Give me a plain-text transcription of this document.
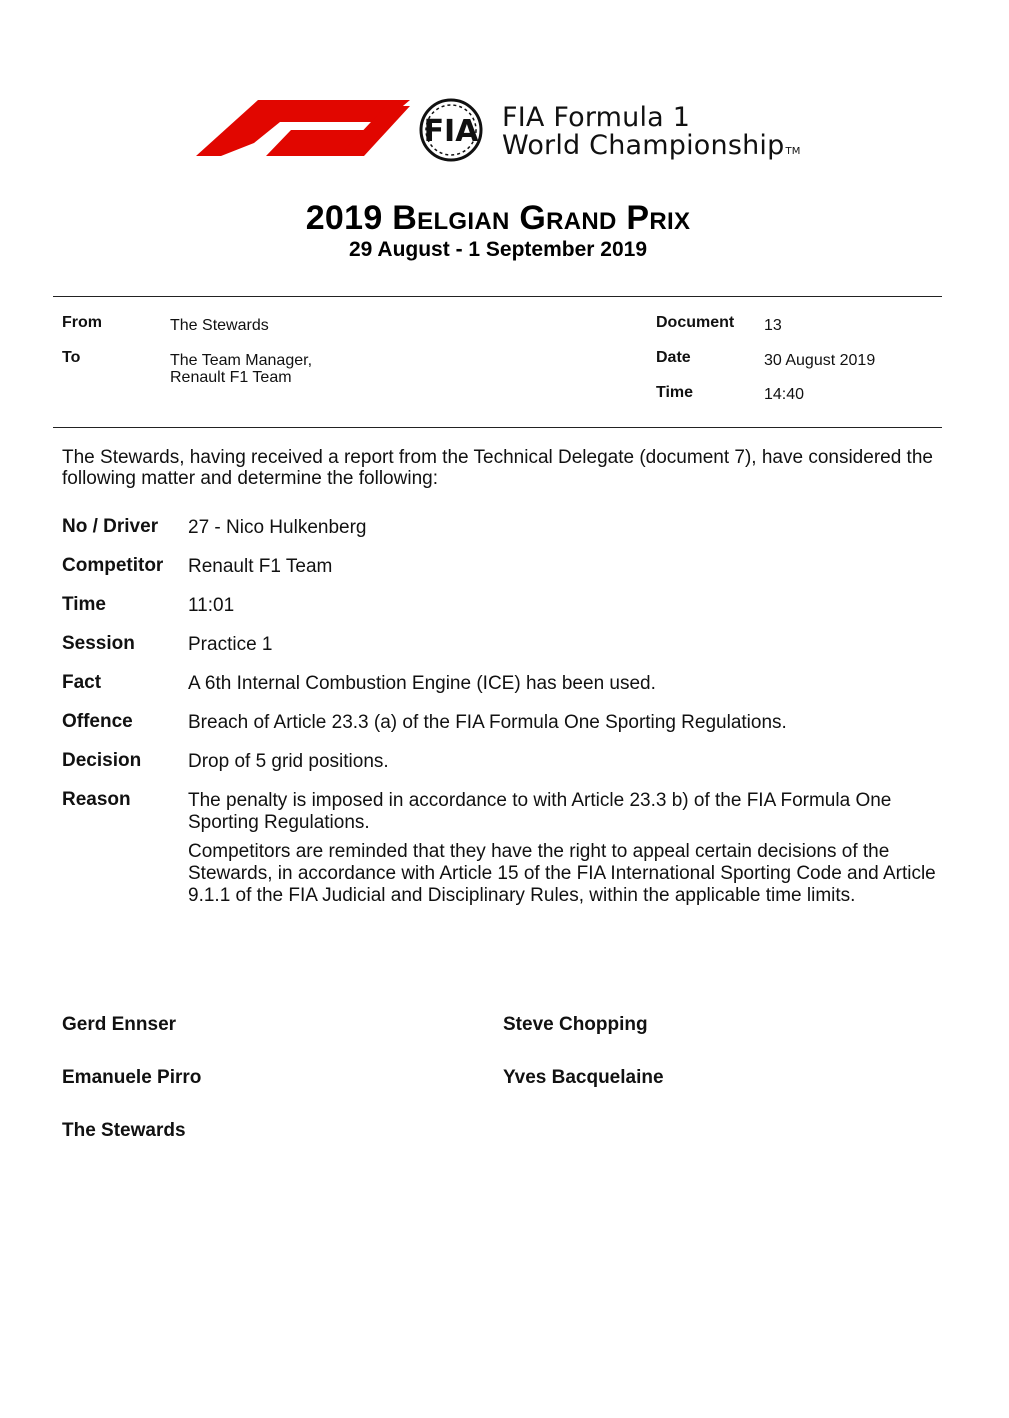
FIA FIA Formula 1
World ChampionshipTM
2019 Belgian Grand Prix
29 August - 1 September 2019
From	The Stewards
To	The Team Manager,
Renault F1 Team
Document 13
Date	30 August 2019
Time	14:40
The Stewards, having received a report from the Technical Delegate (document 7), have considered the following matter and determine the following:
No / Driver 27 - Nico Hulkenberg
Competitor Renault F1 Team
Time	11:01
Session	Practice 1
Fact	A 6th Internal Combustion Engine (ICE) has been used.
Offence	Breach of Article 23.3 (a) of the FIA Formula One Sporting Regulations.
Decision Drop of 5 grid positions.
Reason	The penalty is imposed in accordance to with Article 23.3 b) of the FIA Formula One Sporting Regulations.
Competitors are reminded that they have the right to appeal certain decisions of the Stewards, in accordance with Article 15 of the FIA International Sporting Code and Article 9.1.1 of the FIA Judicial and Disciplinary Rules, within the applicable time limits.
Gerd Ennser	Steve Chopping
Emanuele Pirro	Yves Bacquelaine
The Stewards
